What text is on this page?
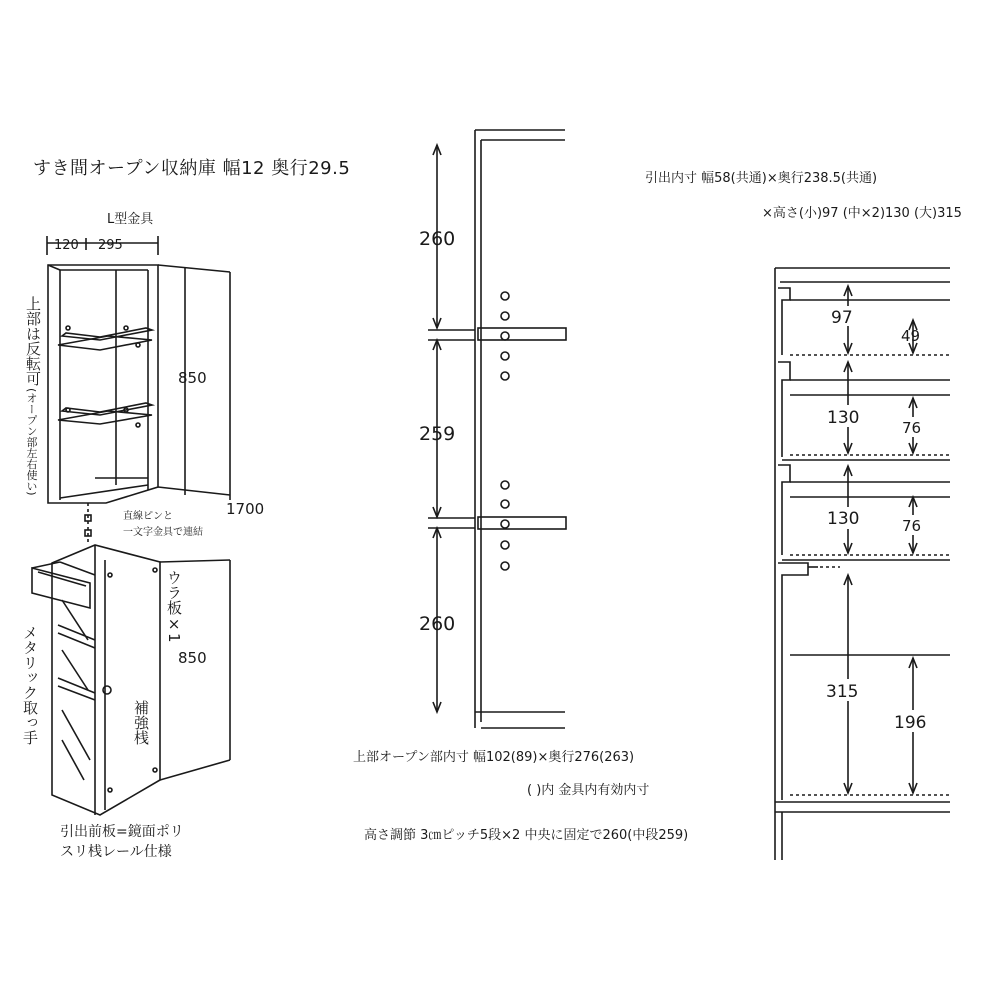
すき間オープン収納庫 幅12 奥行29.5
120 295
L型金具
850
1700
850
直線ピンと
一文字金具で連結
上部は反転可
(オープン部左右使い)
ウラ板×1
メタリック取っ手	補強桟
引出前板=鏡面ポリ
スリ桟レール仕様
260
259
260
上部オープン部内寸 幅102(89)×奥行276(263)
( )内 金具内有効内寸
高さ調節 3㎝ピッチ5段×2 中央に固定で260(中段259)
引出内寸 幅58(共通)×奥行238.5(共通)
×高さ(小)97 (中×2)130 (大)315
97
49
130	76
130	76
315
196
